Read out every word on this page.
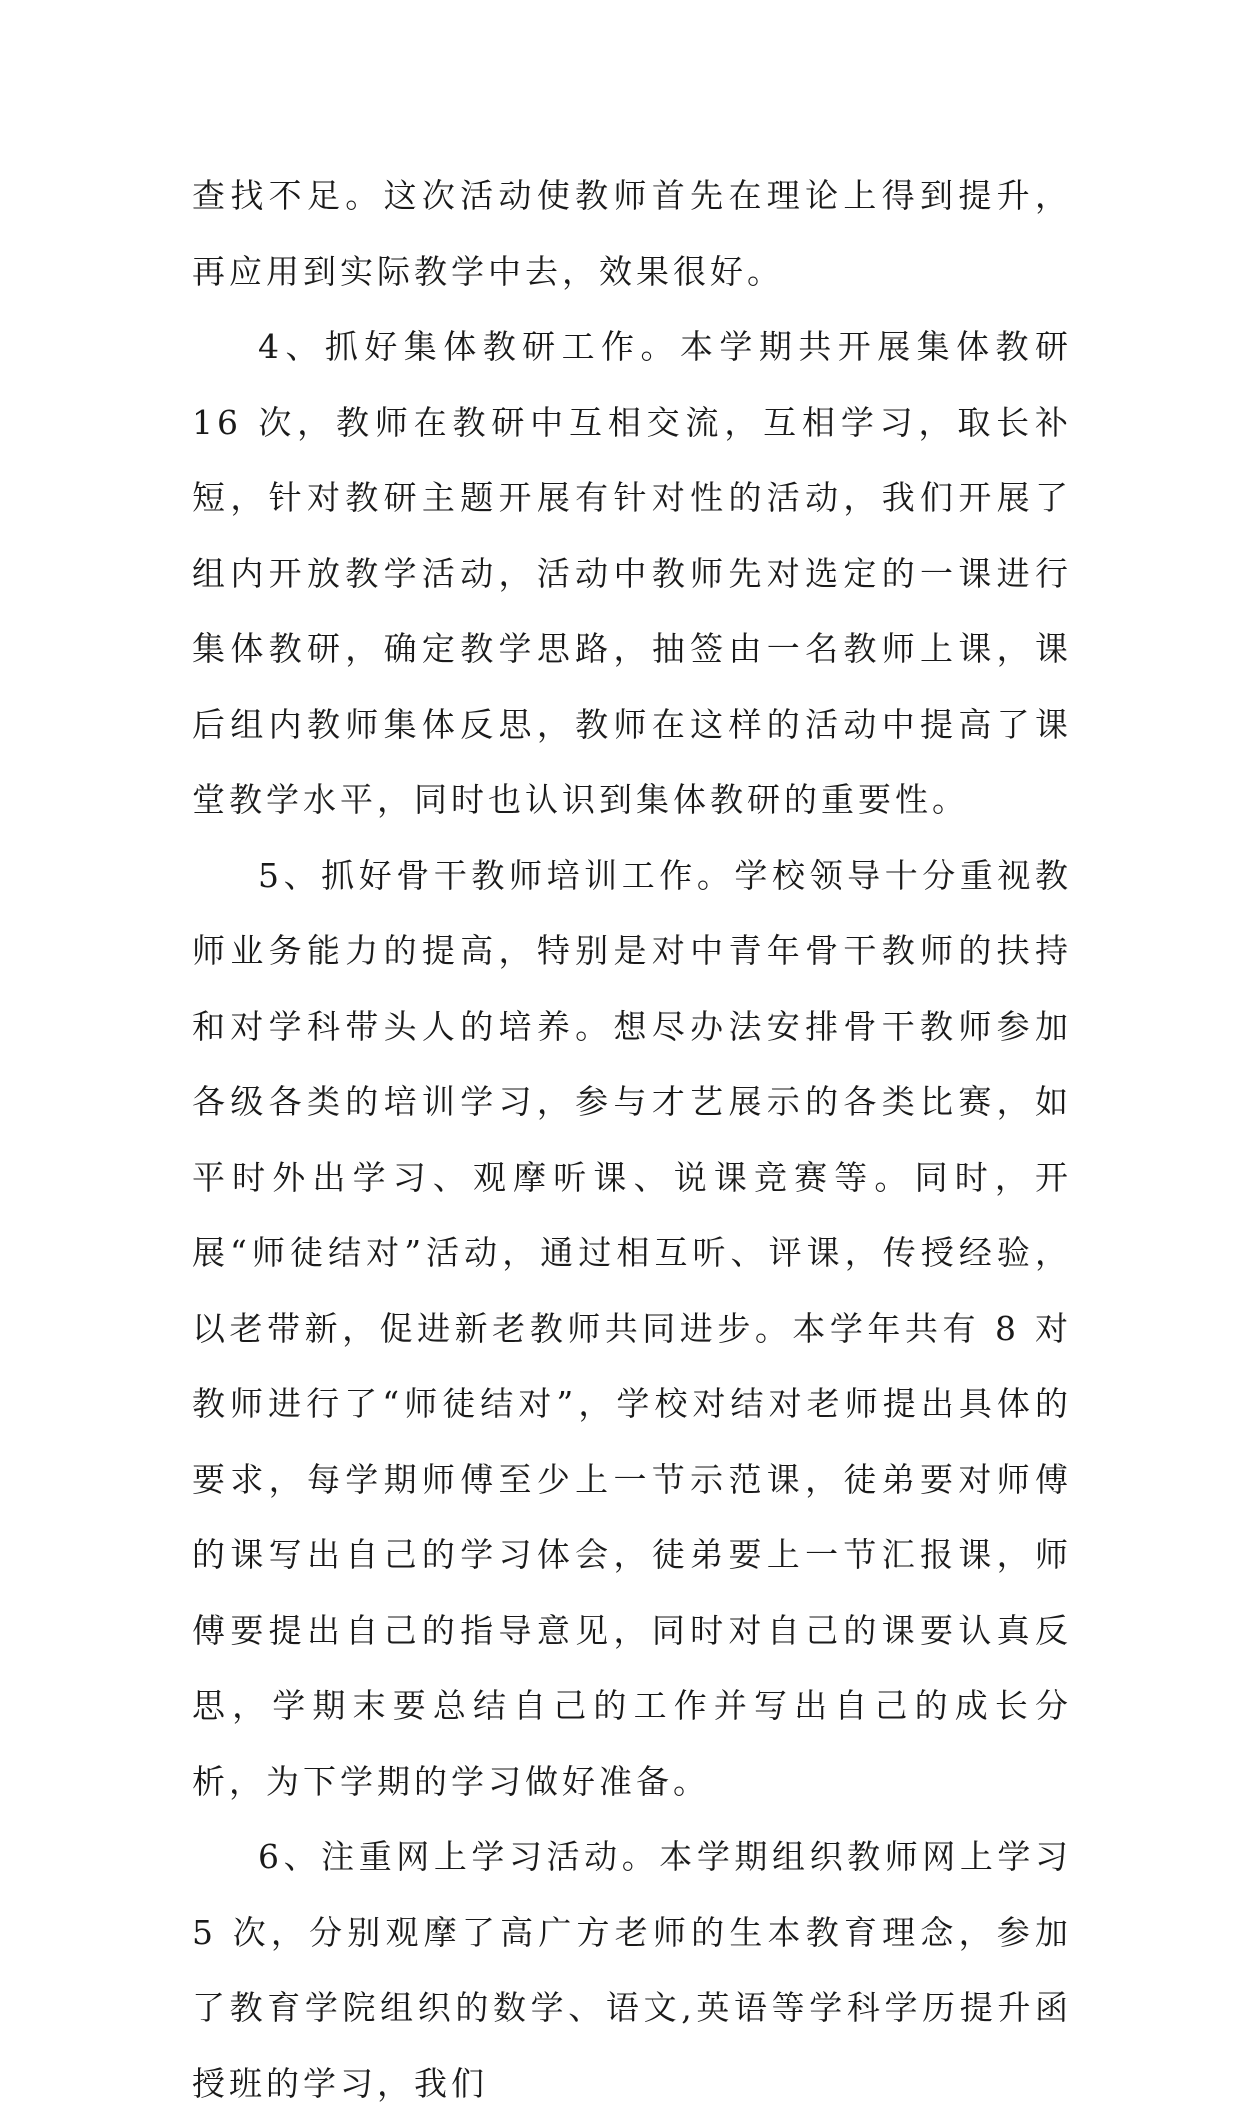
查找不足。这次活动使教师首先在理论上得到提升，再应用到实际教学中去，效果很好。

4、抓好集体教研工作。本学期共开展集体教研 16 次，教师在教研中互相交流，互相学习，取长补短，针对教研主题开展有针对性的活动，我们开展了组内开放教学活动，活动中教师先对选定的一课进行集体教研，确定教学思路，抽签由一名教师上课，课后组内教师集体反思，教师在这样的活动中提高了课堂教学水平，同时也认识到集体教研的重要性。

5、抓好骨干教师培训工作。学校领导十分重视教师业务能力的提高，特别是对中青年骨干教师的扶持和对学科带头人的培养。想尽办法安排骨干教师参加各级各类的培训学习，参与才艺展示的各类比赛，如平时外出学习、观摩听课、说课竞赛等。同时，开展“师徒结对”活动，通过相互听、评课，传授经验，以老带新，促进新老教师共同进步。本学年共有 8 对教师进行了“师徒结对”，学校对结对老师提出具体的要求，每学期师傅至少上一节示范课，徒弟要对师傅的课写出自己的学习体会，徒弟要上一节汇报课，师傅要提出自己的指导意见，同时对自己的课要认真反思，学期末要总结自己的工作并写出自己的成长分析，为下学期的学习做好准备。

6、注重网上学习活动。本学期组织教师网上学习 5 次，分别观摩了高广方老师的生本教育理念，参加了教育学院组织的数学、语文,英语等学科学历提升函授班的学习，我们
